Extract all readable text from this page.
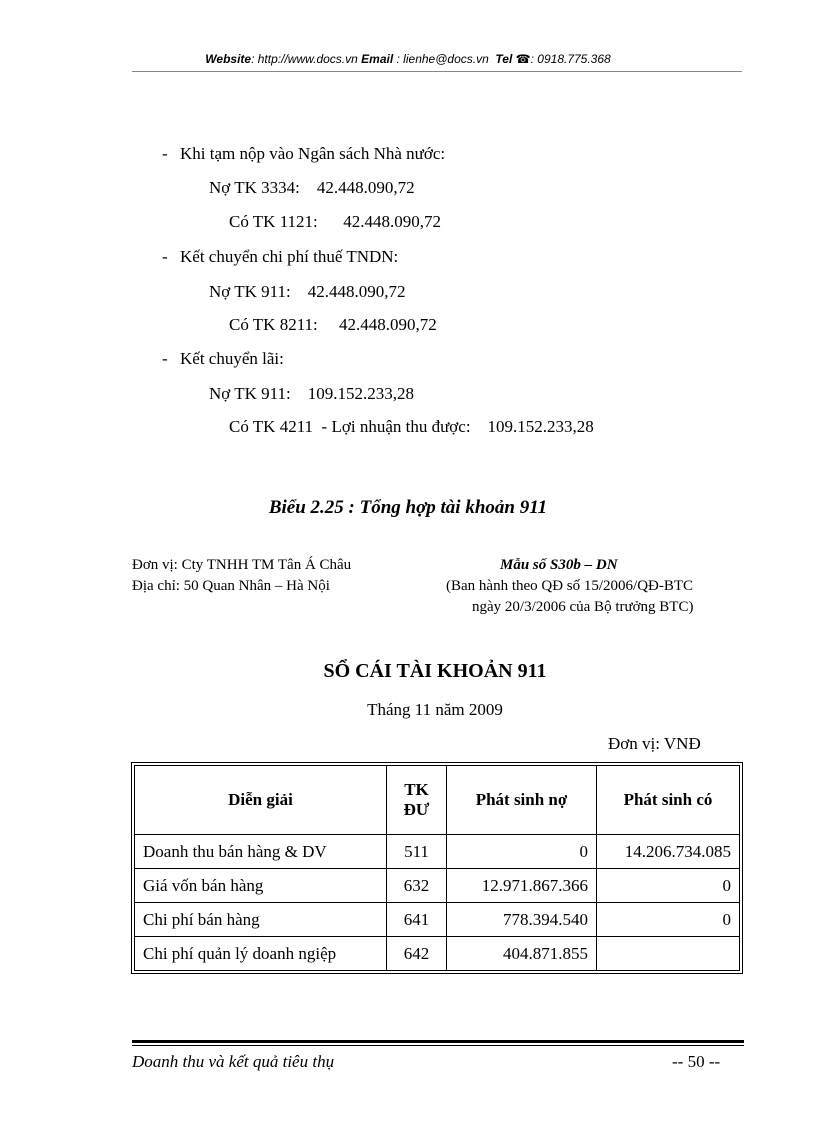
Website: http://www.docs.vn Email : lienhe@docs.vn Tel ☎: 0918.775.368
- Khi tạm nộp vào Ngân sách Nhà nước:
Nợ TK 3334:    42.448.090,72
Có TK 1121:      42.448.090,72
- Kết chuyển chi phí thuế TNDN:
Nợ TK 911:    42.448.090,72
Có TK 8211:     42.448.090,72
- Kết chuyển lãi:
Nợ TK 911:    109.152.233,28
Có TK 4211  - Lợi nhuận thu được:    109.152.233,28
Biểu 2.25 : Tổng hợp tài khoản 911
Đơn vị: Cty TNHH TM Tân Á Châu
Địa chỉ: 50 Quan Nhân – Hà Nội
Mẫu số S30b – DN
(Ban hành theo QĐ số 15/2006/QĐ-BTC
ngày 20/3/2006 của Bộ trưởng BTC)
SỔ CÁI TÀI KHOẢN 911
Tháng 11 năm 2009
Đơn vị: VNĐ
Diễn giải	TK
ĐƯ	Phát sinh nợ	Phát sinh có
Doanh thu bán hàng & DV	511	0	14.206.734.085
Giá vốn bán hàng	632	12.971.867.366	0
Chi phí bán hàng	641	778.394.540	0
Chi phí quản lý doanh ngiệp	642	404.871.855	
Doanh thu và kết quả tiêu thụ	-- 50 --
